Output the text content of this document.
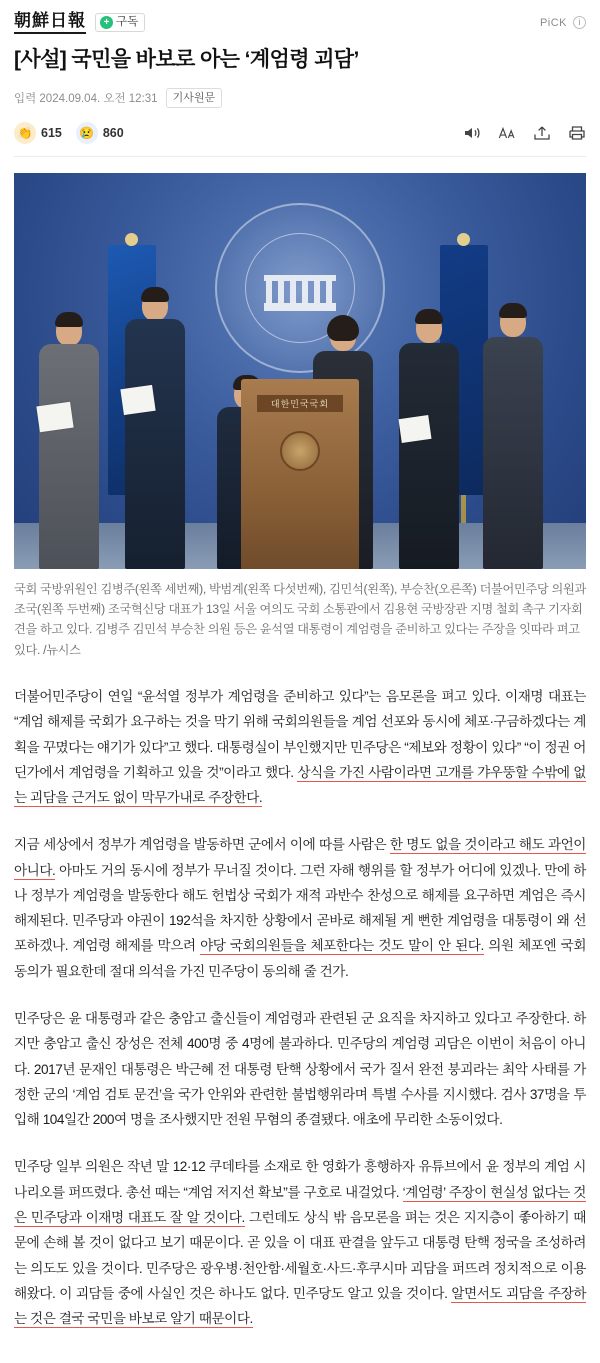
朝鮮日報	+ 구독	PiCK	i
[사설] 국민을 바보로 아는 ‘계엄령 괴담’
입력 2024.09.04. 오전 12:31	기사원문
👏 615 😢 860
대한민국국회
국회 국방위원인 김병주(왼쪽 세번째), 박범계(왼쪽 다섯번째), 김민석(왼쪽), 부승찬(오른쪽) 더불어민주당 의원과 조국(왼쪽 두번째) 조국혁신당 대표가 13일 서울 여의도 국회 소통관에서 김용현 국방장관 지명 철회 촉구 기자회견을 하고 있다. 김병주 김민석 부승찬 의원 등은 윤석열 대통령이 계엄령을 준비하고 있다는 주장을 잇따라 펴고 있다. /뉴시스

더불어민주당이 연일 “윤석열 정부가 계엄령을 준비하고 있다”는 음모론을 펴고 있다. 이재명 대표는 “계엄 해제를 국회가 요구하는 것을 막기 위해 국회의원들을 계엄 선포와 동시에 체포·구금하겠다는 계획을 꾸몄다는 얘기가 있다”고 했다. 대통령실이 부인했지만 민주당은 “제보와 정황이 있다” “이 정권 어딘가에서 계엄령을 기획하고 있을 것”이라고 했다. 상식을 가진 사람이라면 고개를 갸우뚱할 수밖에 없는 괴담을 근거도 없이 막무가내로 주장한다.

지금 세상에서 정부가 계엄령을 발동하면 군에서 이에 따를 사람은 한 명도 없을 것이라고 해도 과언이 아니다. 아마도 거의 동시에 정부가 무너질 것이다. 그런 자해 행위를 할 정부가 어디에 있겠나. 만에 하나 정부가 계엄령을 발동한다 해도 헌법상 국회가 재적 과반수 찬성으로 해제를 요구하면 계엄은 즉시 해제된다. 민주당과 야권이 192석을 차지한 상황에서 곧바로 해제될 게 뻔한 계엄령을 대통령이 왜 선포하겠나. 계엄령 해제를 막으려 야당 국회의원들을 체포한다는 것도 말이 안 된다. 의원 체포엔 국회 동의가 필요한데 절대 의석을 가진 민주당이 동의해 줄 건가.

민주당은 윤 대통령과 같은 충암고 출신들이 계엄령과 관련된 군 요직을 차지하고 있다고 주장한다. 하지만 충암고 출신 장성은 전체 400명 중 4명에 불과하다. 민주당의 계엄령 괴담은 이번이 처음이 아니다. 2017년 문재인 대통령은 박근혜 전 대통령 탄핵 상황에서 국가 질서 완전 붕괴라는 최악 사태를 가정한 군의 ‘계엄 검토 문건’을 국가 안위와 관련한 불법행위라며 특별 수사를 지시했다. 검사 37명을 투입해 104일간 200여 명을 조사했지만 전원 무혐의 종결됐다. 애초에 무리한 소동이었다.

민주당 일부 의원은 작년 말 12·12 쿠데타를 소재로 한 영화가 흥행하자 유튜브에서 윤 정부의 계엄 시나리오를 퍼뜨렸다. 총선 때는 “계엄 저지선 확보”를 구호로 내걸었다. ‘계엄령’ 주장이 현실성 없다는 것은 민주당과 이재명 대표도 잘 알 것이다. 그런데도 상식 밖 음모론을 펴는 것은 지지층이 좋아하기 때문에 손해 볼 것이 없다고 보기 때문이다. 곧 있을 이 대표 판결을 앞두고 대통령 탄핵 정국을 조성하려는 의도도 있을 것이다. 민주당은 광우병·천안함·세월호·사드·후쿠시마 괴담을 퍼뜨려 정치적으로 이용해왔다. 이 괴담들 중에 사실인 것은 하나도 없다. 민주당도 알고 있을 것이다. 알면서도 괴담을 주장하는 것은 결국 국민을 바보로 알기 때문이다.
